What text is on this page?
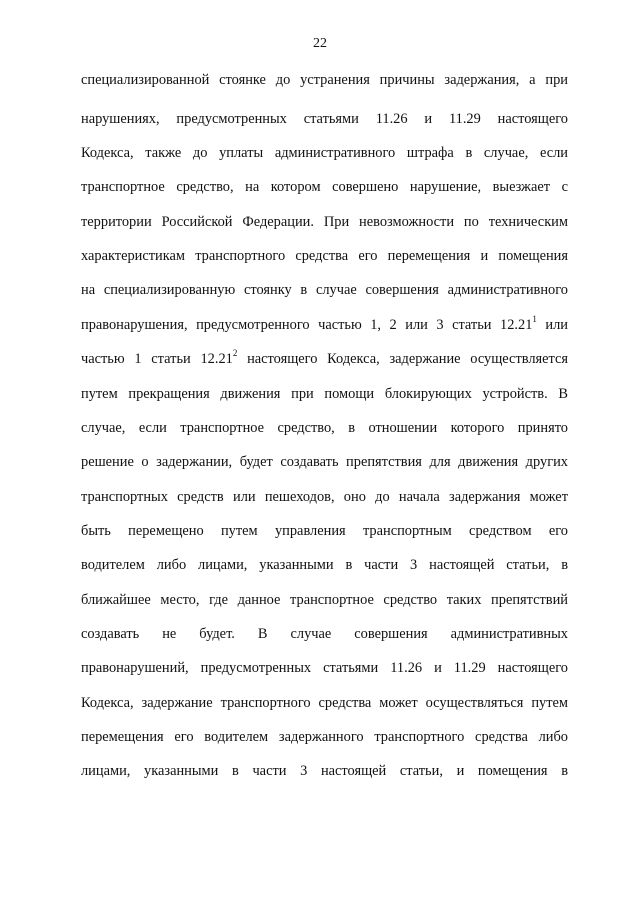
22
специализированной стоянке до устранения причины задержания, а при
нарушениях, предусмотренных статьями 11.26 и 11.29 настоящего
Кодекса, также до уплаты административного штрафа в случае, если
транспортное средство, на котором совершено нарушение, выезжает с
территории Российской Федерации. При невозможности по техническим
характеристикам транспортного средства его перемещения и помещения
на специализированную стоянку в случае совершения административного
правонарушения, предусмотренного частью 1, 2 или 3 статьи 12.21$^1$ или
частью 1 статьи 12.21$^2$ настоящего Кодекса, задержание осуществляется
путем прекращения движения при помощи блокирующих устройств. В
случае, если транспортное средство, в отношении которого принято
решение о задержании, будет создавать препятствия для движения других
транспортных средств или пешеходов, оно до начала задержания может
быть перемещено путем управления транспортным средством его
водителем либо лицами, указанными в части 3 настоящей статьи, в
ближайшее место, где данное транспортное средство таких препятствий
создавать не будет. В случае совершения административных
правонарушений, предусмотренных статьями 11.26 и 11.29 настоящего
Кодекса, задержание транспортного средства может осуществляться путем
перемещения его водителем задержанного транспортного средства либо
лицами, указанными в части 3 настоящей статьи, и помещения в
